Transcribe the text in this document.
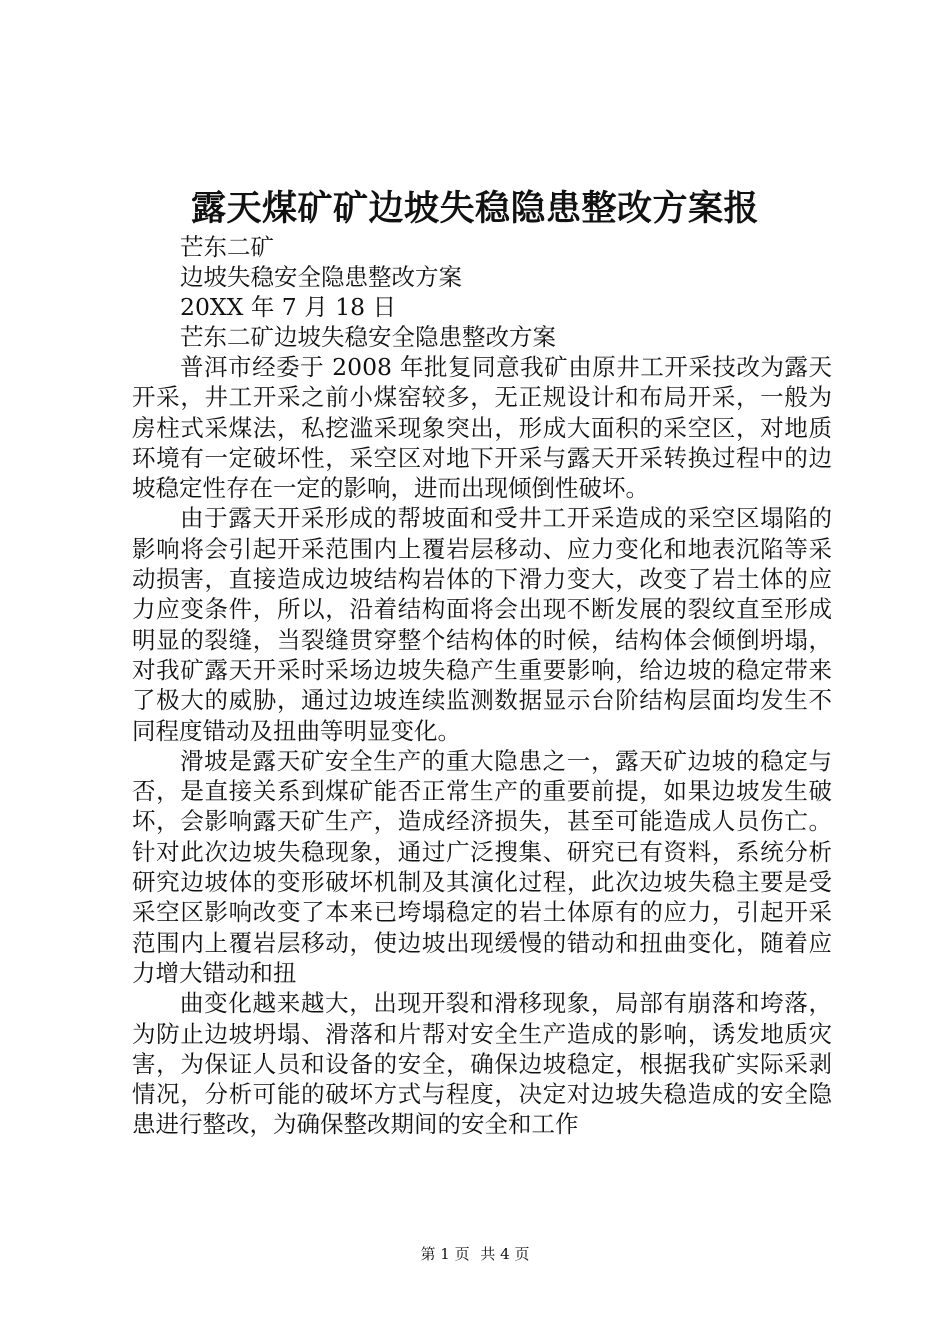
露天煤矿矿边坡失稳隐患整改方案报

芒东二矿

边坡失稳安全隐患整改方案

20XX 年 7 月 18 日

芒东二矿边坡失稳安全隐患整改方案

普洱市经委于 2008 年批复同意我矿由原井工开采技改为露天开采，井工开采之前小煤窑较多，无正规设计和布局开采，一般为房柱式采煤法，私挖滥采现象突出，形成大面积的采空区，对地质环境有一定破坏性，采空区对地下开采与露天开采转换过程中的边坡稳定性存在一定的影响，进而出现倾倒性破坏。

由于露天开采形成的帮坡面和受井工开采造成的采空区塌陷的影响将会引起开采范围内上覆岩层移动、应力变化和地表沉陷等采动损害，直接造成边坡结构岩体的下滑力变大，改变了岩土体的应力应变条件，所以，沿着结构面将会出现不断发展的裂纹直至形成明显的裂缝，当裂缝贯穿整个结构体的时候，结构体会倾倒坍塌，对我矿露天开采时采场边坡失稳产生重要影响，给边坡的稳定带来了极大的威胁，通过边坡连续监测数据显示台阶结构层面均发生不同程度错动及扭曲等明显变化。

滑坡是露天矿安全生产的重大隐患之一，露天矿边坡的稳定与否，是直接关系到煤矿能否正常生产的重要前提，如果边坡发生破坏，会影响露天矿生产，造成经济损失，甚至可能造成人员伤亡。针对此次边坡失稳现象，通过广泛搜集、研究已有资料，系统分析研究边坡体的变形破坏机制及其演化过程，此次边坡失稳主要是受采空区影响改变了本来已垮塌稳定的岩土体原有的应力，引起开采范围内上覆岩层移动，使边坡出现缓慢的错动和扭曲变化，随着应力增大错动和扭

曲变化越来越大，出现开裂和滑移现象，局部有崩落和垮落，为防止边坡坍塌、滑落和片帮对安全生产造成的影响，诱发地质灾害，为保证人员和设备的安全，确保边坡稳定，根据我矿实际采剥情况，分析可能的破坏方式与程度，决定对边坡失稳造成的安全隐患进行整改，为确保整改期间的安全和工作

第 1 页 共 4 页
